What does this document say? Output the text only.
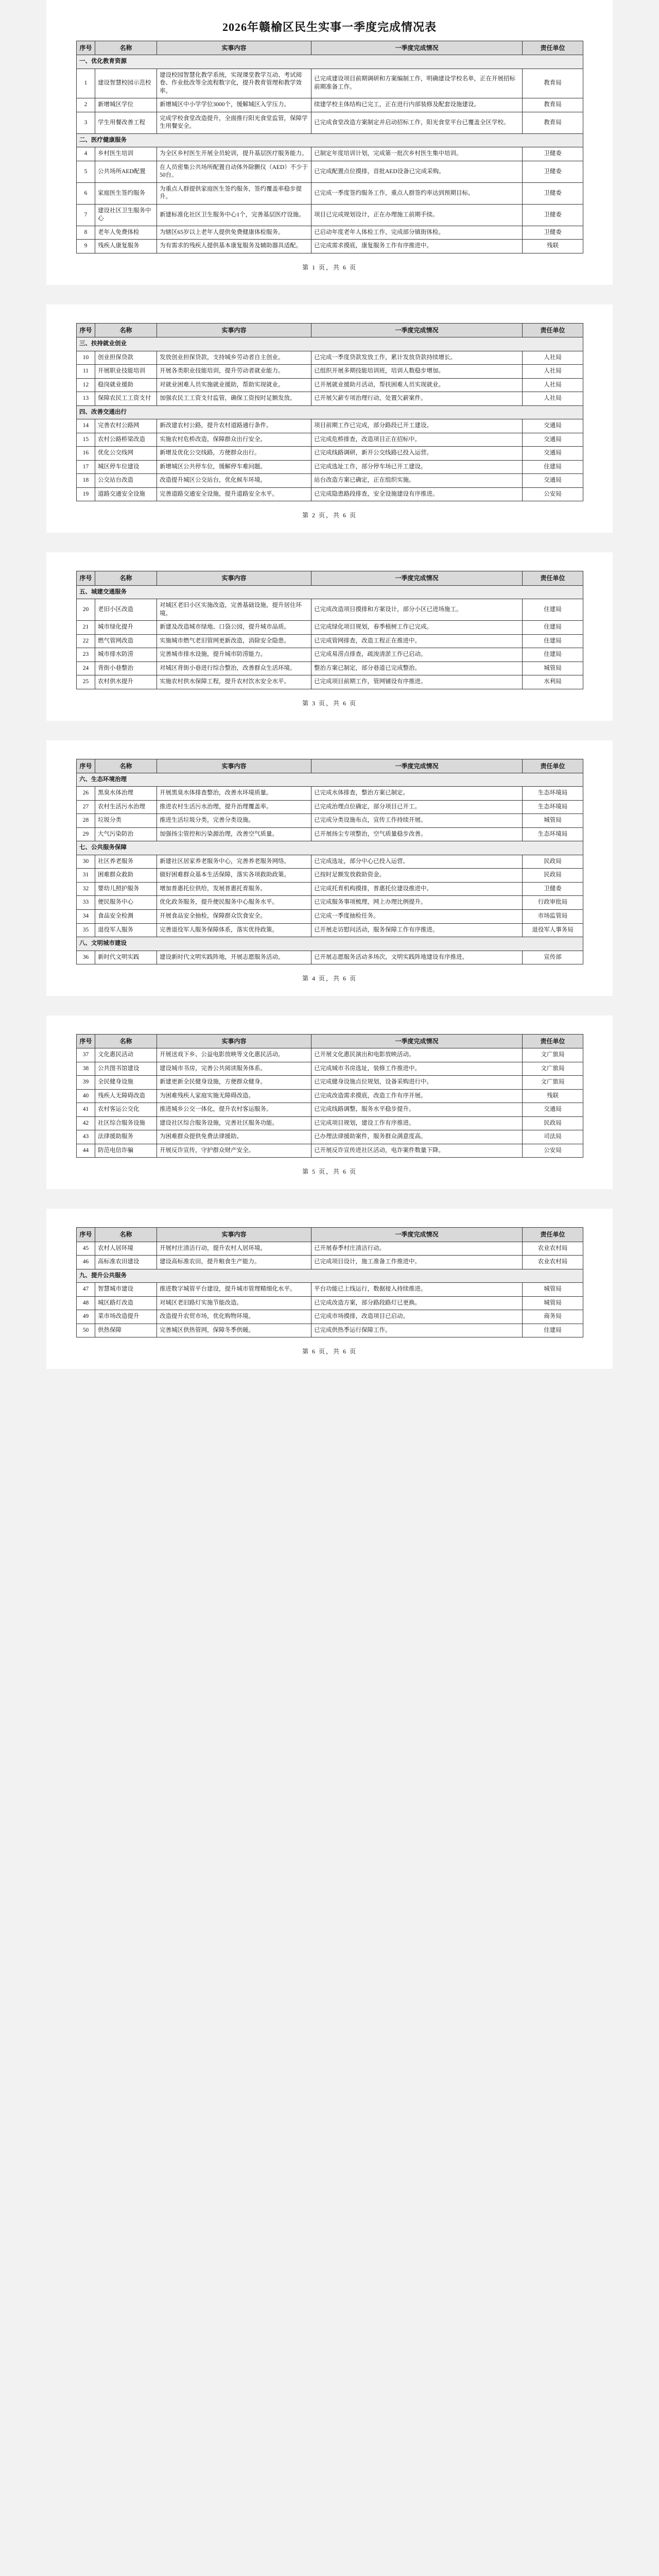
2026年赣榆区民生实事一季度完成情况表
序号	名称	实事内容	一季度完成情况	责任单位
一、优化教育资源				
1	建设智慧校园示范校	建设校园智慧化教学系统，实现课堂教学互动、考试阅卷、作业批改等全流程数字化，提升教育管理和教学效率。	已完成建设项目前期调研和方案编制工作，明确建设学校名单，正在开展招标前期准备工作。	教育局
2	新增城区学位	新增城区中小学学位3000个，缓解城区入学压力。	续建学校主体结构已完工，正在进行内部装修及配套设施建设。	教育局
3	学生用餐改善工程	完成学校食堂改造提升，全面推行阳光食堂监管，保障学生用餐安全。	已完成食堂改造方案制定并启动招标工作，阳光食堂平台已覆盖全区学校。	教育局
二、医疗健康服务				
4	乡村医生培训	为全区乡村医生开展全员轮训，提升基层医疗服务能力。	已制定年度培训计划，完成第一批次乡村医生集中培训。	卫健委
5	公共场所AED配置	在人员密集公共场所配置自动体外除颤仪（AED）不少于50台。	已完成配置点位摸排，首批AED设备已完成采购。	卫健委
6	家庭医生签约服务	为重点人群提供家庭医生签约服务，签约覆盖率稳步提升。	已完成一季度签约服务工作，重点人群签约率达到预期目标。	卫健委
7	建设社区卫生服务中心	新建标准化社区卫生服务中心1个，完善基层医疗设施。	项目已完成规划设计，正在办理施工前期手续。	卫健委
8	老年人免费体检	为辖区65岁以上老年人提供免费健康体检服务。	已启动年度老年人体检工作，完成部分镇街体检。	卫健委
9	残疾人康复服务	为有需求的残疾人提供基本康复服务及辅助器具适配。	已完成需求摸底，康复服务工作有序推进中。	残联
第 1 页，共 6 页
序号	名称	实事内容	一季度完成情况	责任单位
三、扶持就业创业				
10	创业担保贷款	发放创业担保贷款，支持城乡劳动者自主创业。	已完成一季度贷款发放工作，累计发放贷款持续增长。	人社局
11	开展职业技能培训	开展各类职业技能培训，提升劳动者就业能力。	已组织开展多期技能培训班，培训人数稳步增加。	人社局
12	稳岗就业援助	对就业困难人员实施就业援助，帮助实现就业。	已开展就业援助月活动，帮扶困难人员实现就业。	人社局
13	保障农民工工资支付	加强农民工工资支付监管，确保工资按时足额发放。	已开展欠薪专项治理行动，处置欠薪案件。	人社局
四、改善交通出行				
14	完善农村公路网	新改建农村公路，提升农村道路通行条件。	项目前期工作已完成，部分路段已开工建设。	交通局
15	农村公路桥梁改造	实施农村危桥改造，保障群众出行安全。	已完成危桥排查，改造项目正在招标中。	交通局
16	优化公交线网	新增及优化公交线路，方便群众出行。	已完成线路调研，新开公交线路已投入运营。	交通局
17	城区停车位建设	新增城区公共停车位，缓解停车难问题。	已完成选址工作，部分停车场已开工建设。	住建局
18	公交站台改造	改造提升城区公交站台，优化候车环境。	站台改造方案已确定，正在组织实施。	交通局
19	道路交通安全设施	完善道路交通安全设施，提升道路安全水平。	已完成隐患路段排查，安全设施建设有序推进。	公安局
第 2 页，共 6 页
序号	名称	实事内容	一季度完成情况	责任单位
五、城建交通服务				
20	老旧小区改造	对城区老旧小区实施改造，完善基础设施，提升居住环境。	已完成改造项目摸排和方案设计，部分小区已进场施工。	住建局
21	城市绿化提升	新建及改造城市绿地、口袋公园，提升城市品质。	已完成绿化项目规划，春季植树工作已完成。	住建局
22	燃气管网改造	实施城市燃气老旧管网更新改造，消除安全隐患。	已完成管网排查，改造工程正在推进中。	住建局
23	城市排水防涝	完善城市排水设施，提升城市防涝能力。	已完成易涝点排查，疏浚清淤工作已启动。	住建局
24	背街小巷整治	对城区背街小巷进行综合整治，改善群众生活环境。	整治方案已制定，部分巷道已完成整治。	城管局
25	农村供水提升	实施农村供水保障工程，提升农村饮水安全水平。	已完成项目前期工作，管网铺设有序推进。	水利局
第 3 页，共 6 页
序号	名称	实事内容	一季度完成情况	责任单位
六、生态环境治理				
26	黑臭水体治理	开展黑臭水体排查整治，改善水环境质量。	已完成水体排查，整治方案已制定。	生态环境局
27	农村生活污水治理	推进农村生活污水治理，提升治理覆盖率。	已完成治理点位确定，部分项目已开工。	生态环境局
28	垃圾分类	推进生活垃圾分类，完善分类设施。	已完成分类设施布点，宣传工作持续开展。	城管局
29	大气污染防治	加强扬尘管控和污染源治理，改善空气质量。	已开展扬尘专项整治，空气质量稳步改善。	生态环境局
七、公共服务保障				
30	社区养老服务	新建社区居家养老服务中心，完善养老服务网络。	已完成选址，部分中心已投入运营。	民政局
31	困难群众救助	做好困难群众基本生活保障，落实各项救助政策。	已按时足额发放救助资金。	民政局
32	婴幼儿照护服务	增加普惠托位供给，发展普惠托育服务。	已完成托育机构摸排，普惠托位建设推进中。	卫健委
33	便民服务中心	优化政务服务，提升便民服务中心服务水平。	已完成服务事项梳理，网上办理比例提升。	行政审批局
34	食品安全检测	开展食品安全抽检，保障群众饮食安全。	已完成一季度抽检任务。	市场监管局
35	退役军人服务	完善退役军人服务保障体系，落实优待政策。	已开展走访慰问活动，服务保障工作有序推进。	退役军人事务局
八、文明城市建设				
36	新时代文明实践	建设新时代文明实践阵地，开展志愿服务活动。	已开展志愿服务活动多场次，文明实践阵地建设有序推进。	宣传部
第 4 页，共 6 页
序号	名称	实事内容	一季度完成情况	责任单位
37	文化惠民活动	开展送戏下乡、公益电影放映等文化惠民活动。	已开展文化惠民演出和电影放映活动。	文广旅局
38	公共图书馆建设	建设城市书房，完善公共阅读服务体系。	已完成城市书房选址，装修工作推进中。	文广旅局
39	全民健身设施	新建更新全民健身设施，方便群众健身。	已完成健身设施点位规划，设备采购进行中。	文广旅局
40	残疾人无障碍改造	为困难残疾人家庭实施无障碍改造。	已完成改造需求摸底，改造工作有序开展。	残联
41	农村客运公交化	推进城乡公交一体化，提升农村客运服务。	已完成线路调整，服务水平稳步提升。	交通局
42	社区综合服务设施	建设社区综合服务设施，完善社区服务功能。	已完成项目规划，建设工作有序推进。	民政局
43	法律援助服务	为困难群众提供免费法律援助。	已办理法律援助案件，服务群众满意度高。	司法局
44	防范电信诈骗	开展反诈宣传，守护群众财产安全。	已开展反诈宣传进社区活动，电诈案件数量下降。	公安局
第 5 页，共 6 页
序号	名称	实事内容	一季度完成情况	责任单位
45	农村人居环境	开展村庄清洁行动，提升农村人居环境。	已开展春季村庄清洁行动。	农业农村局
46	高标准农田建设	建设高标准农田，提升粮食生产能力。	已完成项目设计，施工准备工作推进中。	农业农村局
九、提升公共服务				
47	智慧城市建设	推进数字城管平台建设，提升城市管理精细化水平。	平台功能已上线运行，数据接入持续推进。	城管局
48	城区路灯改造	对城区老旧路灯实施节能改造。	已完成改造方案，部分路段路灯已更换。	城管局
49	菜市场改造提升	改造提升农贸市场，优化购物环境。	已完成市场摸排，改造项目已启动。	商务局
50	供热保障	完善城区供热管网，保障冬季供暖。	已完成供热季运行保障工作。	住建局
第 6 页，共 6 页
